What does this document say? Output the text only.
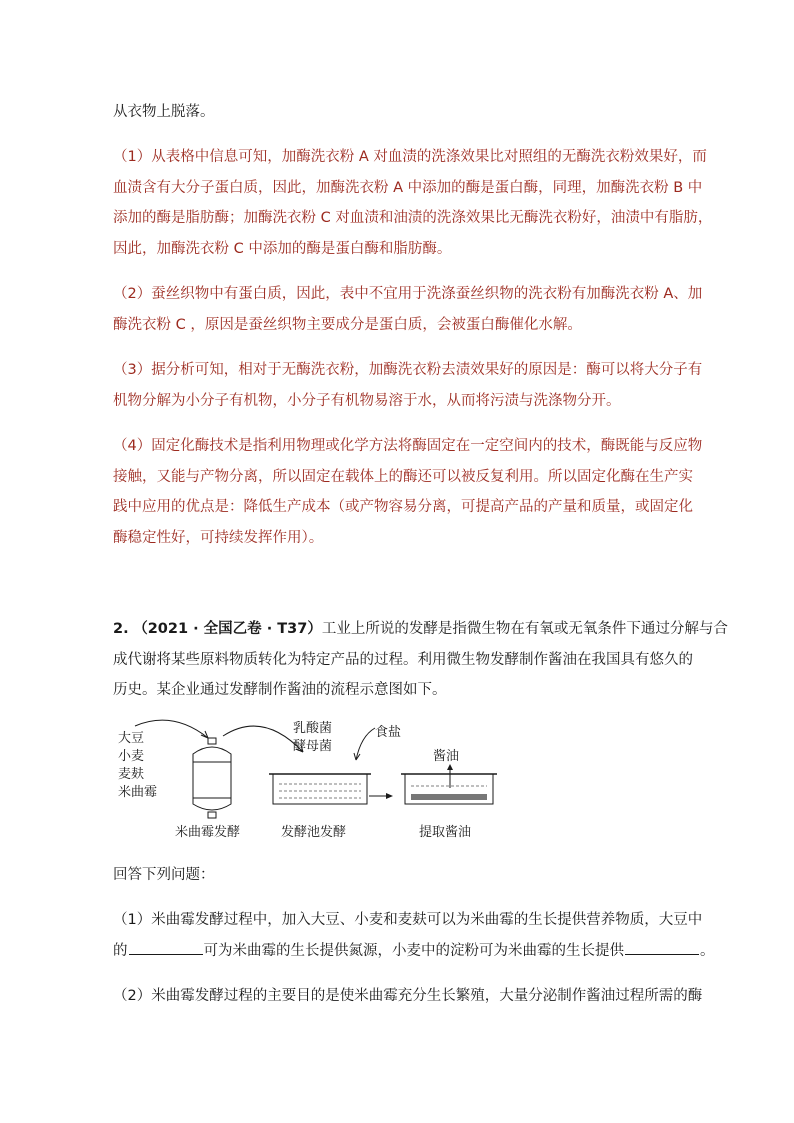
从衣物上脱落。
（1）从表格中信息可知，加酶洗衣粉 A 对血渍的洗涤效果比对照组的无酶洗衣粉效果好，而
血渍含有大分子蛋白质，因此，加酶洗衣粉 A 中添加的酶是蛋白酶，同理，加酶洗衣粉 B 中
添加的酶是脂肪酶；加酶洗衣粉 C 对血渍和油渍的洗涤效果比无酶洗衣粉好，油渍中有脂肪，
因此，加酶洗衣粉 C 中添加的酶是蛋白酶和脂肪酶。
（2）蚕丝织物中有蛋白质，因此，表中不宜用于洗涤蚕丝织物的洗衣粉有加酶洗衣粉 A、加
酶洗衣粉 C ，原因是蚕丝织物主要成分是蛋白质，会被蛋白酶催化水解。
（3）据分析可知，相对于无酶洗衣粉，加酶洗衣粉去渍效果好的原因是：酶可以将大分子有
机物分解为小分子有机物，小分子有机物易溶于水，从而将污渍与洗涤物分开。
（4）固定化酶技术是指利用物理或化学方法将酶固定在一定空间内的技术，酶既能与反应物
接触，又能与产物分离，所以固定在载体上的酶还可以被反复利用。所以固定化酶在生产实
践中应用的优点是：降低生产成本（或产物容易分离，可提高产品的产量和质量，或固定化
酶稳定性好，可持续发挥作用）。
2. （2021 · 全国乙卷 · T37）工业上所说的发酵是指微生物在有氧或无氧条件下通过分解与合
成代谢将某些原料物质转化为特定产品的过程。利用微生物发酵制作酱油在我国具有悠久的
历史。某企业通过发酵制作酱油的流程示意图如下。
大豆
小麦
麦麸
米曲霉
米曲霉发酵
乳酸菌
酵母菌
食盐
发酵池发酵
酱油
提取酱油
回答下列问题：
（1）米曲霉发酵过程中，加入大豆、小麦和麦麸可以为米曲霉的生长提供营养物质，大豆中
的	可为米曲霉的生长提供氮源，小麦中的淀粉可为米曲霉的生长提供	。
（2）米曲霉发酵过程的主要目的是使米曲霉充分生长繁殖，大量分泌制作酱油过程所需的酶
